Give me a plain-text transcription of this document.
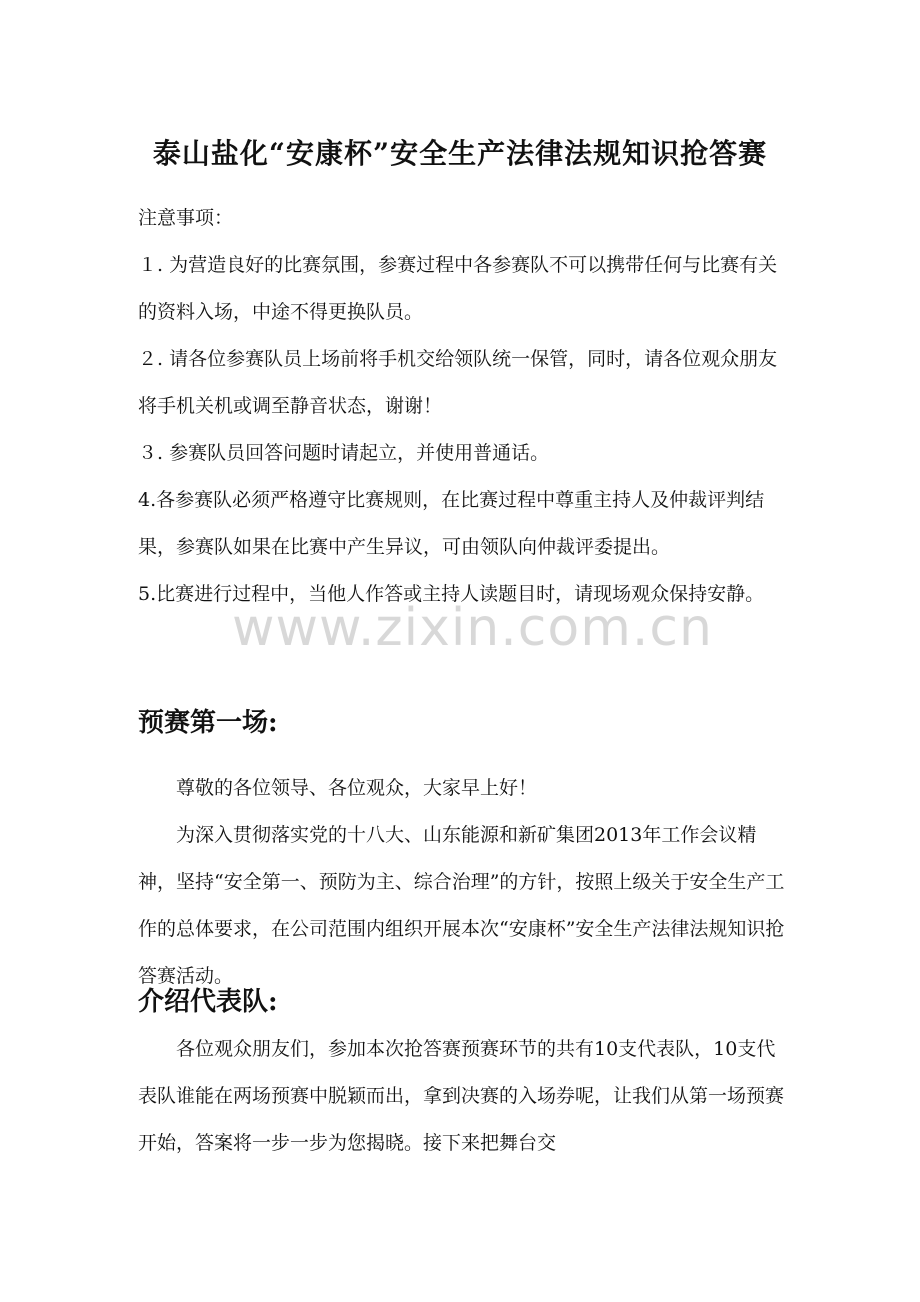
泰山盐化“安康杯”安全生产法律法规知识抢答赛

注意事项：

１. 为营造良好的比赛氛围，参赛过程中各参赛队不可以携带任何与比赛有关的资料入场，中途不得更换队员。

２. 请各位参赛队员上场前将手机交给领队统一保管，同时，请各位观众朋友将手机关机或调至静音状态，谢谢！

３. 参赛队员回答问题时请起立，并使用普通话。

4.各参赛队必须严格遵守比赛规则，在比赛过程中尊重主持人及仲裁评判结果，参赛队如果在比赛中产生异议，可由领队向仲裁评委提出。

5.比赛进行过程中，当他人作答或主持人读题目时，请现场观众保持安静。

预赛第一场:

尊敬的各位领导、各位观众，大家早上好！

为深入贯彻落实党的十八大、山东能源和新矿集团2013年工作会议精神，坚持“安全第一、预防为主、综合治理”的方针，按照上级关于安全生产工作的总体要求，在公司范围内组织开展本次“安康杯”安全生产法律法规知识抢答赛活动。

介绍代表队:

各位观众朋友们，参加本次抢答赛预赛环节的共有10支代表队，10支代表队谁能在两场预赛中脱颖而出，拿到决赛的入场券呢，让我们从第一场预赛开始，答案将一步一步为您揭晓。接下来把舞台交

www.zixin.com.cn
